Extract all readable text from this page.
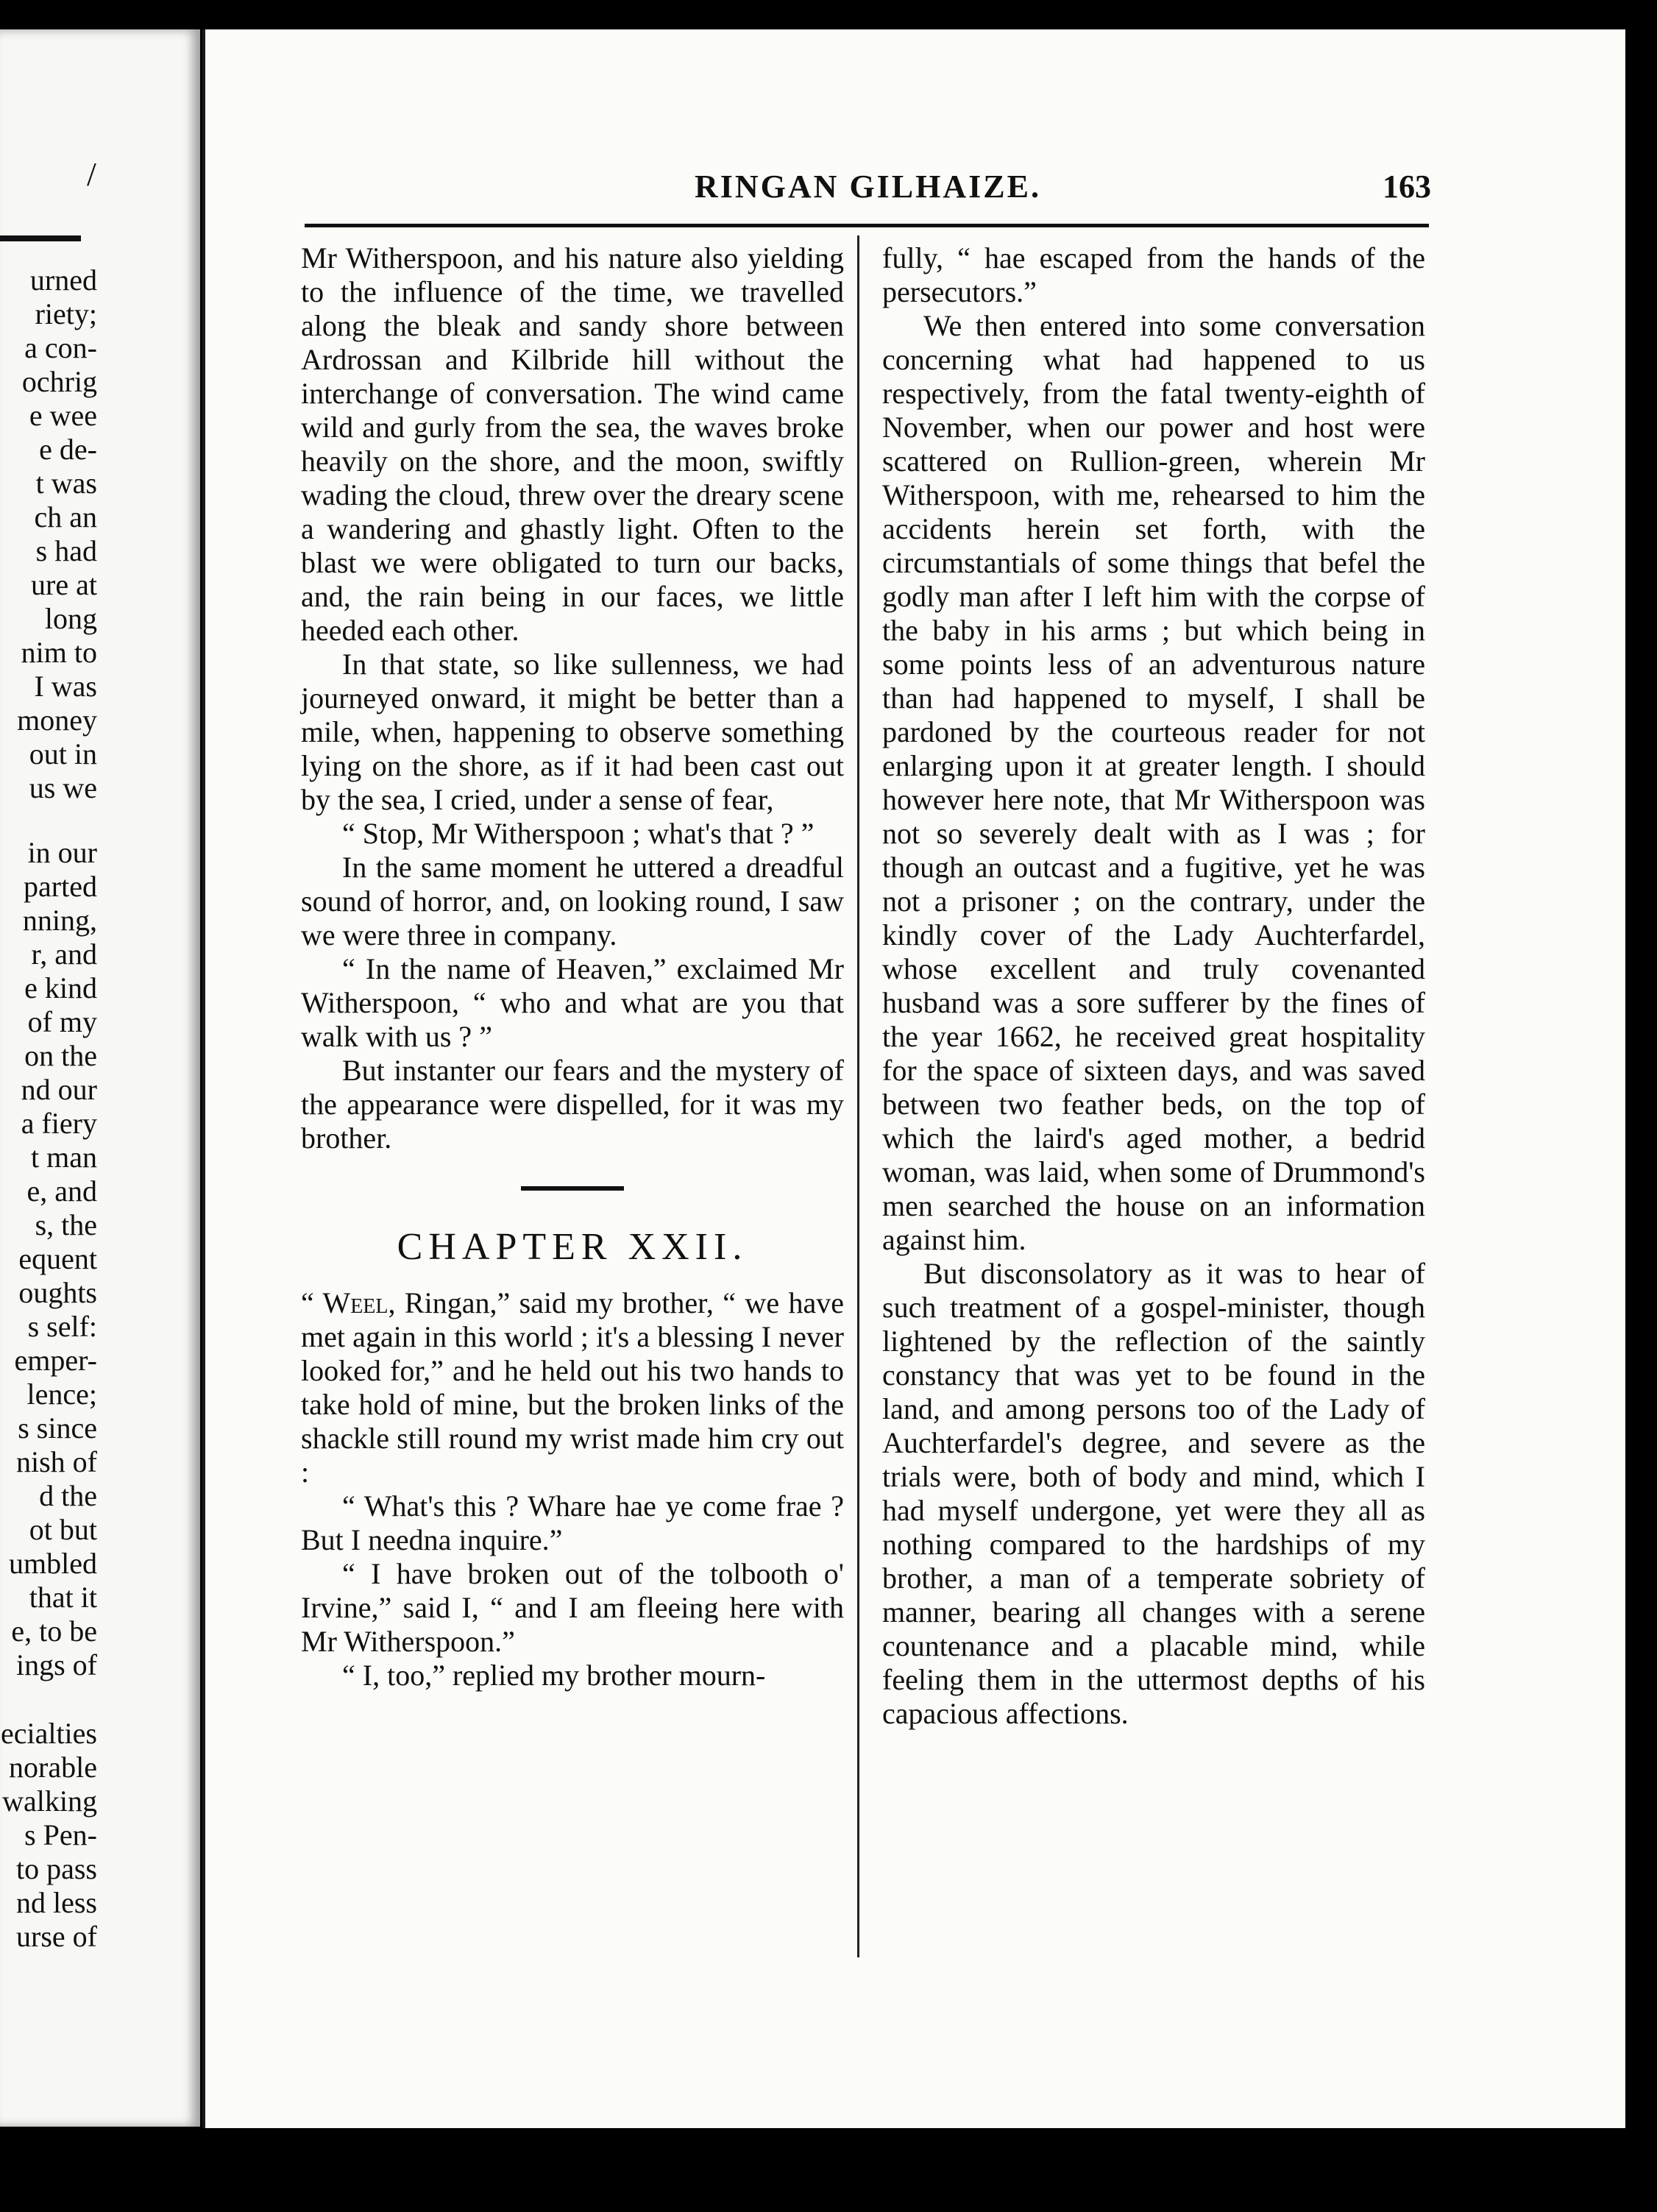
/
urned
riety;
a con-
ochrig
e wee
e de-
t was
ch an
s had
ure at
long
nim to
I was
money
out in
us we
in our
parted
nning,
r, and
e kind
of my
on the
nd our
a fiery
t man
e, and
s, the
equent
oughts
s self:
emper-
lence;
s since
nish of
d the
ot but
umbled
that it
e, to be
ings of
ecialties
norable
walking
s Pen-
to pass
nd less
urse of
RINGAN GILHAIZE.	163

Mr Witherspoon, and his nature also yielding to the influence of the time, we travelled along the bleak and sandy shore between Ardrossan and Kilbride hill without the interchange of conversation. The wind came wild and gurly from the sea, the waves broke heavily on the shore, and the moon, swiftly wading the cloud, threw over the dreary scene a wandering and ghastly light. Often to the blast we were obligated to turn our backs, and, the rain being in our faces, we little heeded each other.

In that state, so like sullenness, we had journeyed onward, it might be better than a mile, when, happening to observe something lying on the shore, as if it had been cast out by the sea, I cried, under a sense of fear,

“ Stop, Mr Witherspoon ; what's that ? ”

In the same moment he uttered a dreadful sound of horror, and, on looking round, I saw we were three in company.

“ In the name of Heaven,” exclaimed Mr Witherspoon, “ who and what are you that walk with us ? ”

But instanter our fears and the mystery of the appearance were dispelled, for it was my brother.

CHAPTER XXII.

“ Weel, Ringan,” said my brother, “ we have met again in this world ; it's a blessing I never looked for,” and he held out his two hands to take hold of mine, but the broken links of the shackle still round my wrist made him cry out :

“ What's this ? Whare hae ye come frae ? But I needna inquire.”

“ I have broken out of the tolbooth o' Irvine,” said I, “ and I am fleeing here with Mr Witherspoon.”

“ I, too,” replied my brother mourn-

fully, “ hae escaped from the hands of the persecutors.”

We then entered into some conversation concerning what had happened to us respectively, from the fatal twenty-eighth of November, when our power and host were scattered on Rullion-green, wherein Mr Witherspoon, with me, rehearsed to him the accidents herein set forth, with the circumstantials of some things that befel the godly man after I left him with the corpse of the baby in his arms ; but which being in some points less of an adventurous nature than had happened to myself, I shall be pardoned by the courteous reader for not enlarging upon it at greater length. I should however here note, that Mr Witherspoon was not so severely dealt with as I was ; for though an outcast and a fugitive, yet he was not a prisoner ; on the contrary, under the kindly cover of the Lady Auchterfardel, whose excellent and truly covenanted husband was a sore sufferer by the fines of the year 1662, he received great hospitality for the space of sixteen days, and was saved between two feather beds, on the top of which the laird's aged mother, a bedrid woman, was laid, when some of Drummond's men searched the house on an information against him.

But disconsolatory as it was to hear of such treatment of a gospel-minister, though lightened by the reflection of the saintly constancy that was yet to be found in the land, and among persons too of the Lady of Auchterfardel's degree, and severe as the trials were, both of body and mind, which I had myself undergone, yet were they all as nothing compared to the hardships of my brother, a man of a temperate sobriety of manner, bearing all changes with a serene countenance and a placable mind, while feeling them in the uttermost depths of his capacious affections.
